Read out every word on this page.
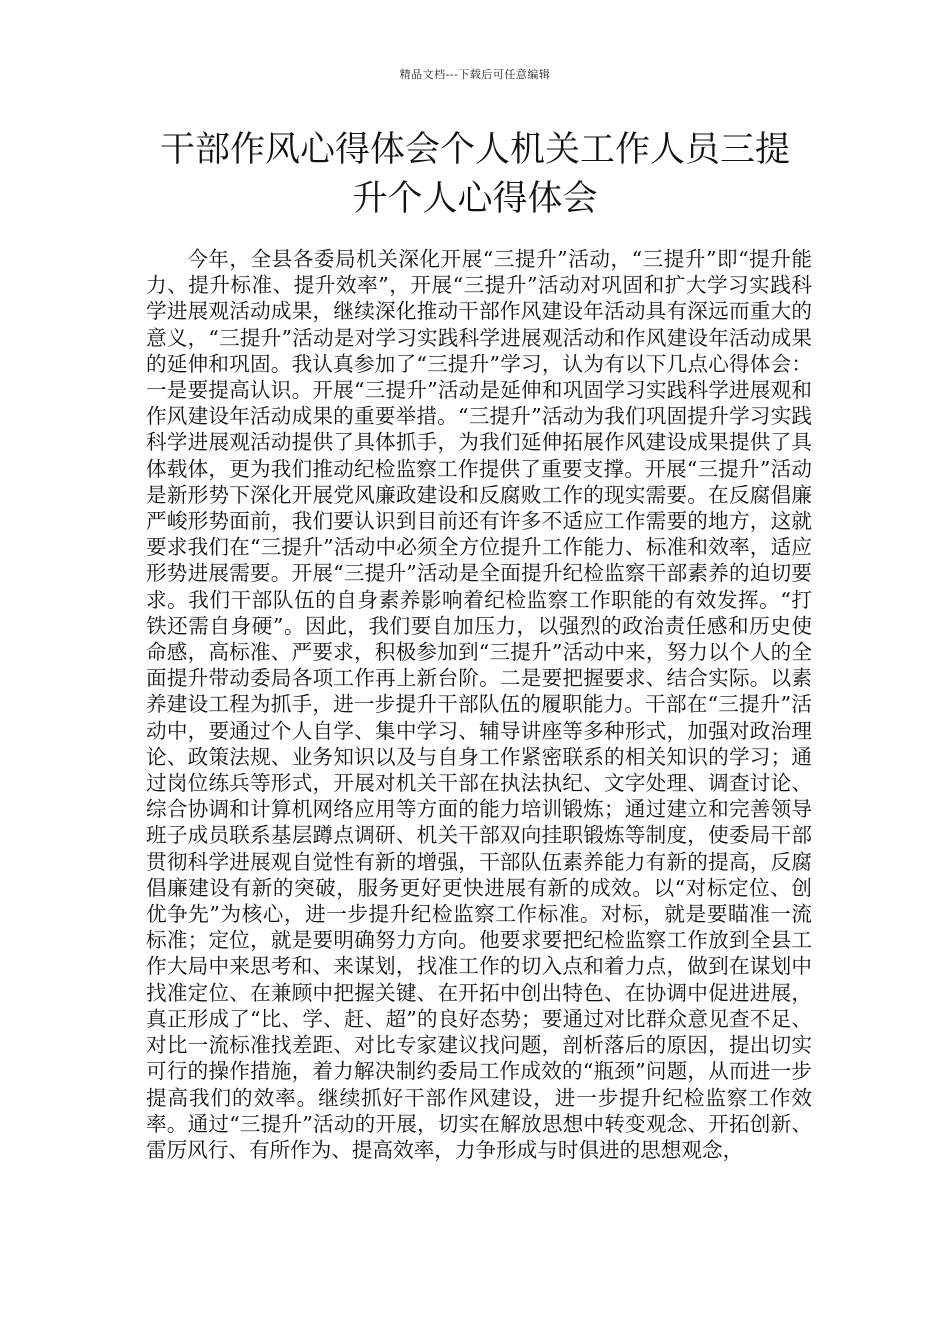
精品文档---下载后可任意编辑
干部作风心得体会个人机关工作人员三提升个人心得体会

今年，全县各委局机关深化开展“三提升”活动，“三提升”即“提升能力、提升标准、提升效率”，开展“三提升”活动对巩固和扩大学习实践科学进展观活动成果，继续深化推动干部作风建设年活动具有深远而重大的意义，“三提升”活动是对学习实践科学进展观活动和作风建设年活动成果的延伸和巩固。我认真参加了“三提升”学习，认为有以下几点心得体会：一是要提高认识。开展“三提升”活动是延伸和巩固学习实践科学进展观和作风建设年活动成果的重要举措。“三提升”活动为我们巩固提升学习实践科学进展观活动提供了具体抓手，为我们延伸拓展作风建设成果提供了具体载体，更为我们推动纪检监察工作提供了重要支撑。开展“三提升”活动是新形势下深化开展党风廉政建设和反腐败工作的现实需要。在反腐倡廉严峻形势面前，我们要认识到目前还有许多不适应工作需要的地方，这就要求我们在“三提升”活动中必须全方位提升工作能力、标准和效率，适应形势进展需要。开展“三提升”活动是全面提升纪检监察干部素养的迫切要求。我们干部队伍的自身素养影响着纪检监察工作职能的有效发挥。“打铁还需自身硬”。因此，我们要自加压力，以强烈的政治责任感和历史使命感，高标准、严要求，积极参加到“三提升”活动中来，努力以个人的全面提升带动委局各项工作再上新台阶。二是要把握要求、结合实际。以素养建设工程为抓手，进一步提升干部队伍的履职能力。干部在“三提升”活动中，要通过个人自学、集中学习、辅导讲座等多种形式，加强对政治理论、政策法规、业务知识以及与自身工作紧密联系的相关知识的学习；通过岗位练兵等形式，开展对机关干部在执法执纪、文字处理、调查讨论、综合协调和计算机网络应用等方面的能力培训锻炼；通过建立和完善领导班子成员联系基层蹲点调研、机关干部双向挂职锻炼等制度，使委局干部贯彻科学进展观自觉性有新的增强，干部队伍素养能力有新的提高，反腐倡廉建设有新的突破，服务更好更快进展有新的成效。以“对标定位、创优争先”为核心，进一步提升纪检监察工作标准。对标，就是要瞄准一流标准；定位，就是要明确努力方向。他要求要把纪检监察工作放到全县工作大局中来思考和、来谋划，找准工作的切入点和着力点，做到在谋划中找准定位、在兼顾中把握关键、在开拓中创出特色、在协调中促进进展，真正形成了“比、学、赶、超”的良好态势；要通过对比群众意见查不足、对比一流标准找差距、对比专家建议找问题，剖析落后的原因，提出切实可行的操作措施，着力解决制约委局工作成效的“瓶颈”问题，从而进一步提高我们的效率。继续抓好干部作风建设，进一步提升纪检监察工作效率。通过“三提升”活动的开展，切实在解放思想中转变观念、开拓创新、雷厉风行、有所作为、提高效率，力争形成与时俱进的思想观念，
